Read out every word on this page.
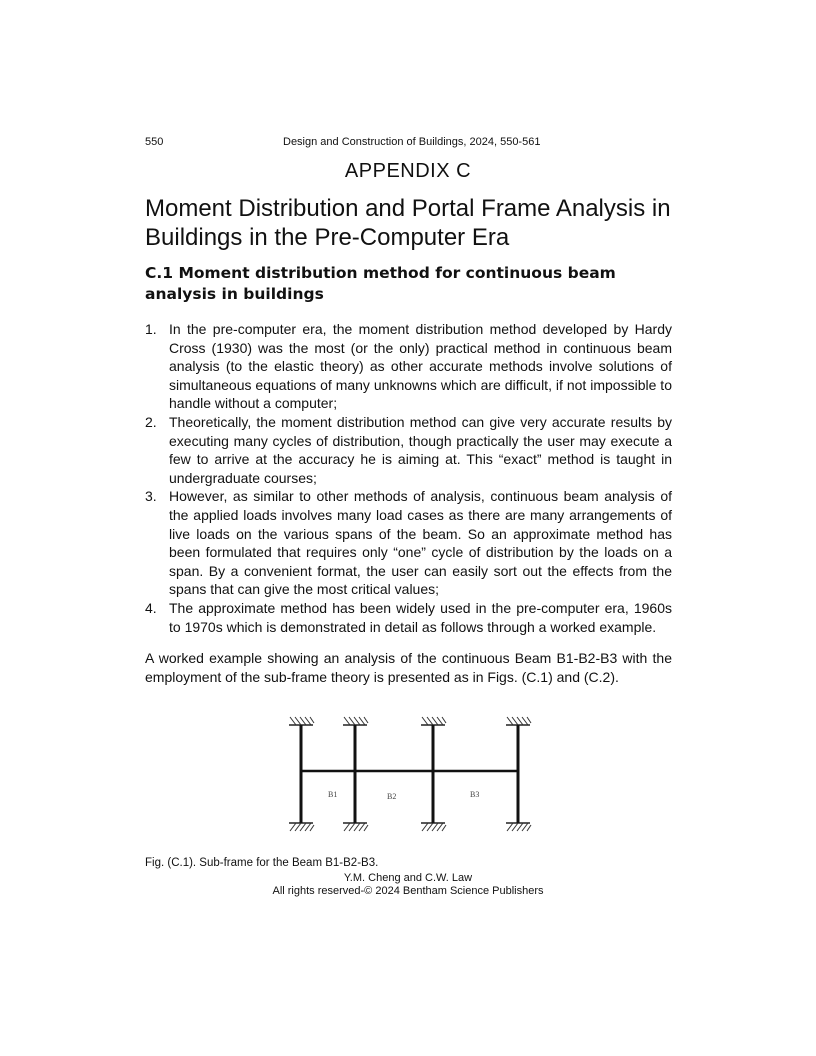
550	Design and Construction of Buildings, 2024, 550-561
APPENDIX C
Moment Distribution and Portal Frame Analysis in Buildings in the Pre-Computer Era
C.1 Moment distribution method for continuous beam analysis in buildings
1. In the pre-computer era, the moment distribution method developed by Hardy Cross (1930) was the most (or the only) practical method in continuous beam analysis (to the elastic theory) as other accurate methods involve solutions of simultaneous equations of many unknowns which are difficult, if not impossible to handle without a computer;
2. Theoretically, the moment distribution method can give very accurate results by executing many cycles of distribution, though practically the user may execute a few to arrive at the accuracy he is aiming at. This “exact” method is taught in undergraduate courses;
3. However, as similar to other methods of analysis, continuous beam analysis of the applied loads involves many load cases as there are many arrangements of live loads on the various spans of the beam. So an approximate method has been formulated that requires only “one” cycle of distribution by the loads on a span. By a convenient format, the user can easily sort out the effects from the spans that can give the most critical values;
4. The approximate method has been widely used in the pre-computer era, 1960s to 1970s which is demonstrated in detail as follows through a worked example.

A worked example showing an analysis of the continuous Beam B1-B2-B3 with the employment of the sub-frame theory is presented as in Figs. (C.1) and (C.2).

B1	B2	B3
Fig. (C.1). Sub-frame for the Beam B1-B2-B3.
Y.M. Cheng and C.W. Law
All rights reserved-© 2024 Bentham Science Publishers
